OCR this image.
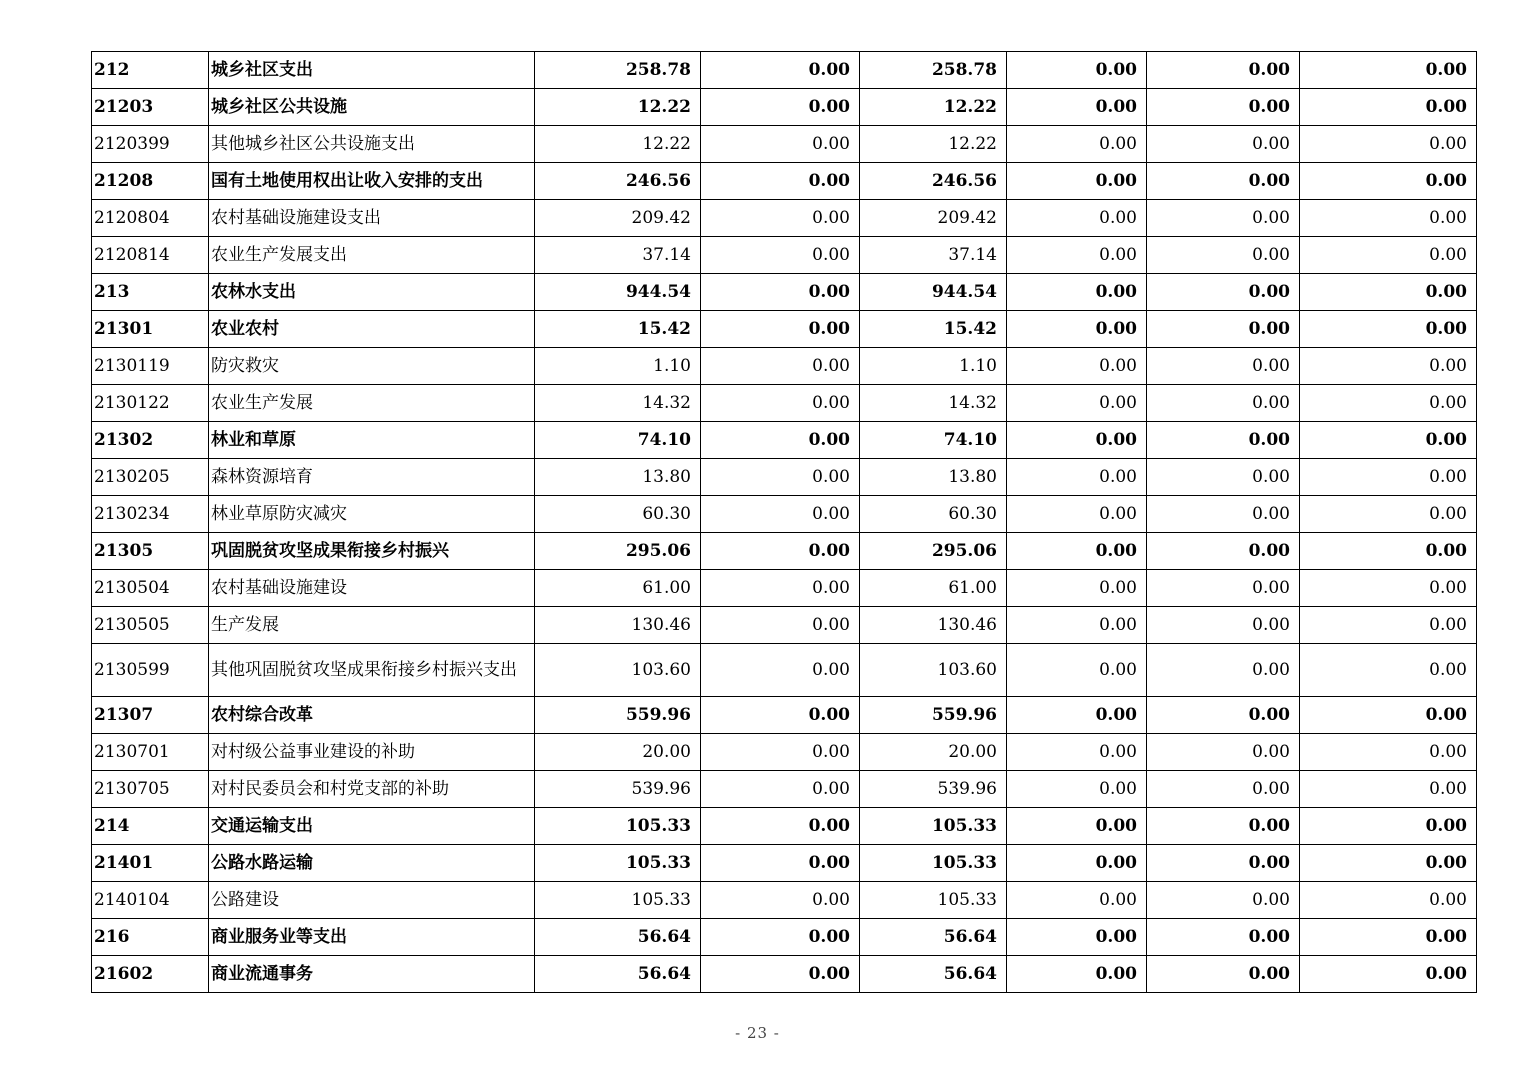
212	城乡社区支出	258.78	0.00	258.78	0.00	0.00	0.00
21203	城乡社区公共设施	12.22	0.00	12.22	0.00	0.00	0.00
2120399	其他城乡社区公共设施支出	12.22	0.00	12.22	0.00	0.00	0.00
21208	国有土地使用权出让收入安排的支出	246.56	0.00	246.56	0.00	0.00	0.00
2120804	农村基础设施建设支出	209.42	0.00	209.42	0.00	0.00	0.00
2120814	农业生产发展支出	37.14	0.00	37.14	0.00	0.00	0.00
213	农林水支出	944.54	0.00	944.54	0.00	0.00	0.00
21301	农业农村	15.42	0.00	15.42	0.00	0.00	0.00
2130119	防灾救灾	1.10	0.00	1.10	0.00	0.00	0.00
2130122	农业生产发展	14.32	0.00	14.32	0.00	0.00	0.00
21302	林业和草原	74.10	0.00	74.10	0.00	0.00	0.00
2130205	森林资源培育	13.80	0.00	13.80	0.00	0.00	0.00
2130234	林业草原防灾减灾	60.30	0.00	60.30	0.00	0.00	0.00
21305	巩固脱贫攻坚成果衔接乡村振兴	295.06	0.00	295.06	0.00	0.00	0.00
2130504	农村基础设施建设	61.00	0.00	61.00	0.00	0.00	0.00
2130505	生产发展	130.46	0.00	130.46	0.00	0.00	0.00
2130599	其他巩固脱贫攻坚成果衔接乡村振兴支出	103.60	0.00	103.60	0.00	0.00	0.00
21307	农村综合改革	559.96	0.00	559.96	0.00	0.00	0.00
2130701	对村级公益事业建设的补助	20.00	0.00	20.00	0.00	0.00	0.00
2130705	对村民委员会和村党支部的补助	539.96	0.00	539.96	0.00	0.00	0.00
214	交通运输支出	105.33	0.00	105.33	0.00	0.00	0.00
21401	公路水路运输	105.33	0.00	105.33	0.00	0.00	0.00
2140104	公路建设	105.33	0.00	105.33	0.00	0.00	0.00
216	商业服务业等支出	56.64	0.00	56.64	0.00	0.00	0.00
21602	商业流通事务	56.64	0.00	56.64	0.00	0.00	0.00
- 23 -
